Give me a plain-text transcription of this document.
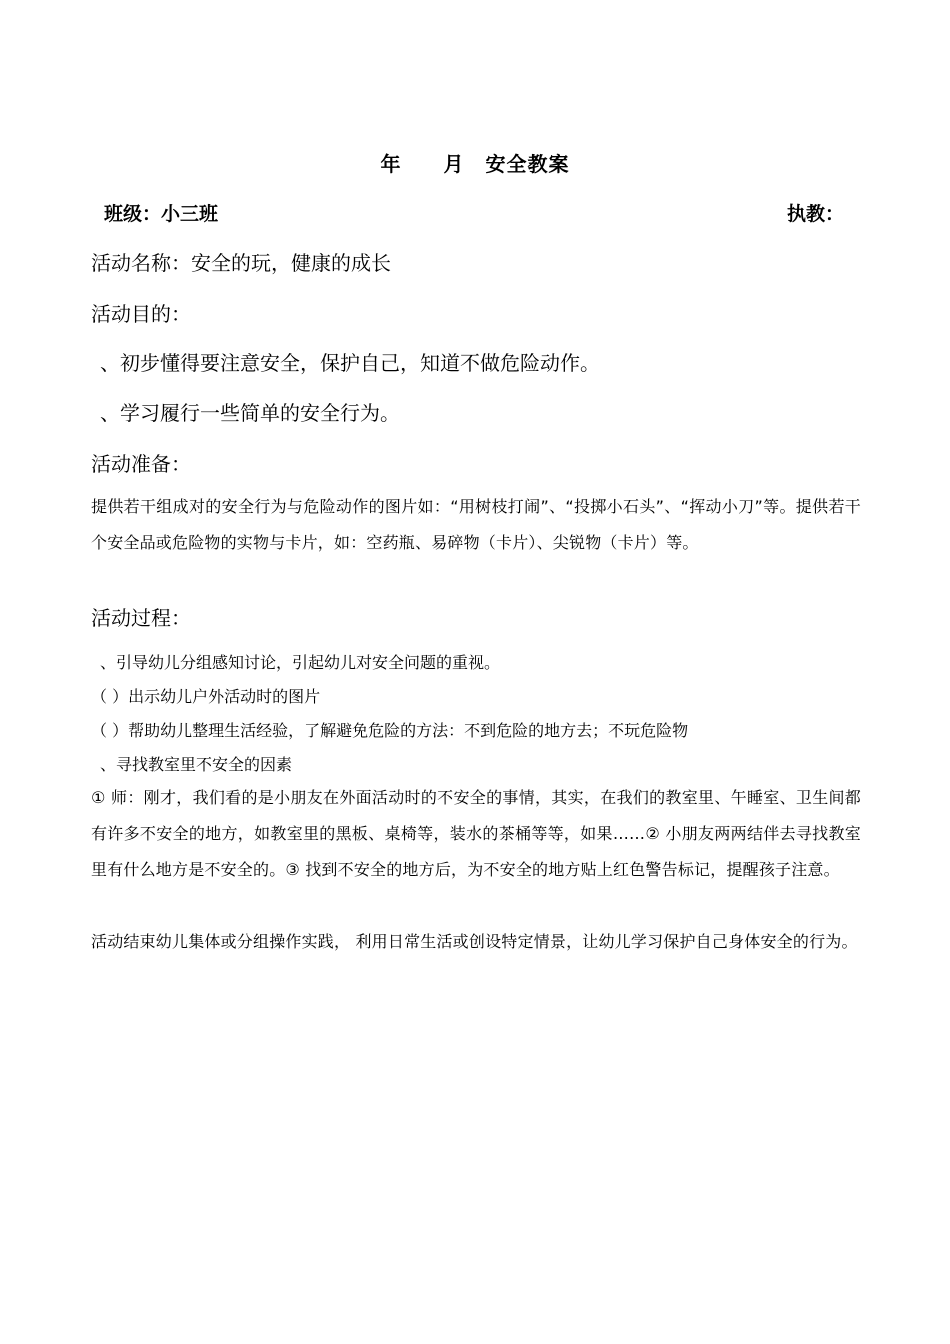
年　　月　安全教案
班级：小三班	执教：
活动名称：安全的玩，健康的成长
活动目的：
、初步懂得要注意安全，保护自己，知道不做危险动作。
、学习履行一些简单的安全行为。
活动准备：
提供若干组成对的安全行为与危险动作的图片如：“用树枝打闹”、“投掷小石头”、“挥动小刀”等。提供若干个安全品或危险物的实物与卡片，如：空药瓶、易碎物（卡片）、尖锐物（卡片）等。
活动过程：
、引导幼儿分组感知讨论，引起幼儿对安全问题的重视。
（ ）出示幼儿户外活动时的图片
（ ）帮助幼儿整理生活经验，了解避免危险的方法：不到危险的地方去；不玩危险物
、寻找教室里不安全的因素
① 师：刚才，我们看的是小朋友在外面活动时的不安全的事情，其实，在我们的教室里、午睡室、卫生间都有许多不安全的地方，如教室里的黑板、桌椅等，装水的茶桶等等，如果……② 小朋友两两结伴去寻找教室里有什么地方是不安全的。③ 找到不安全的地方后，为不安全的地方贴上红色警告标记，提醒孩子注意。
活动结束幼儿集体或分组操作实践， 利用日常生活或创设特定情景，让幼儿学习保护自己身体安全的行为。
